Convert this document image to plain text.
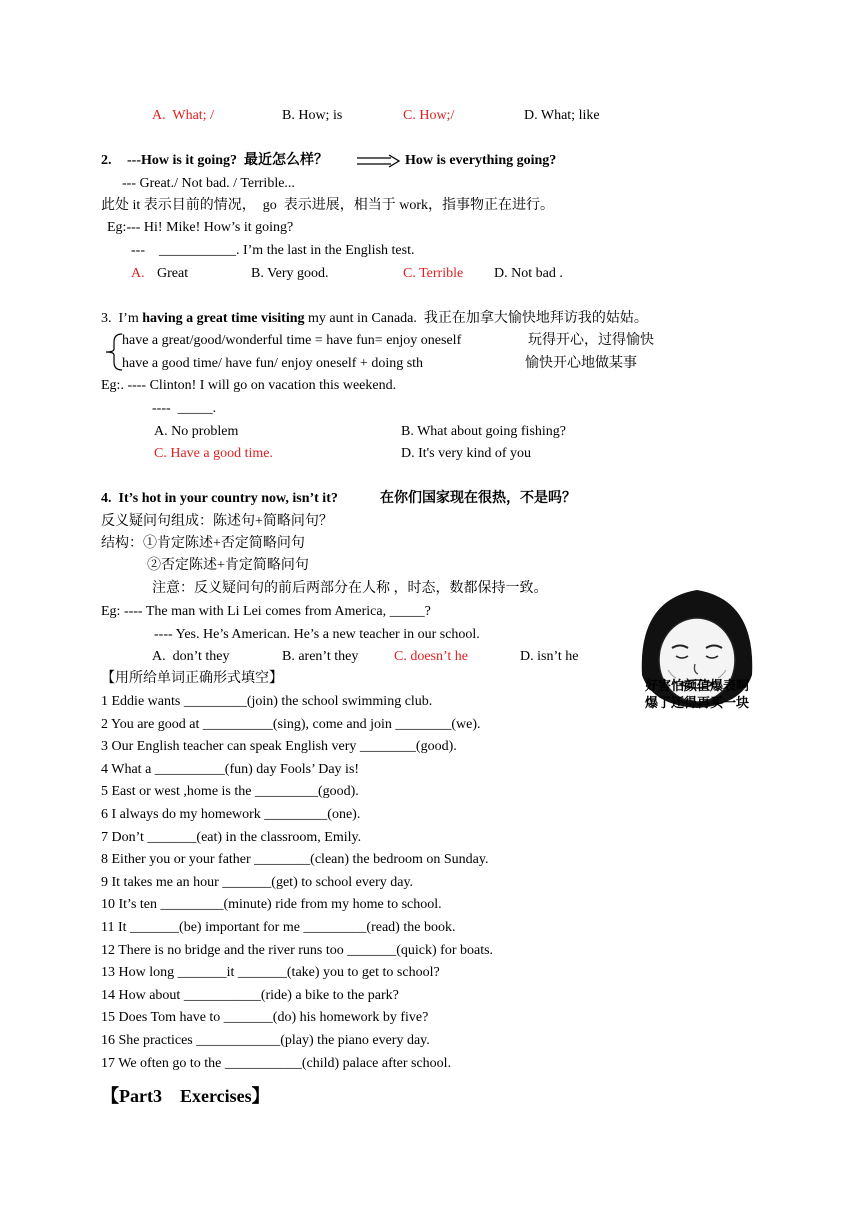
A.  What; /	B. How; is	C. How;/	D. What; like
2. ---How is it going?  最近怎么样？	How is everything going?
--- Great./ Not bad. / Terrible...
此处 it 表示目前的情况，  go  表示进展，相当于 work，指事物正在进行。
Eg:--- Hi! Mike! How’s it going?
---    ___________. I’m the last in the English test.
A. Great	B. Very good.	C. Terrible D. Not bad .
3.  I’m having a great time visiting my aunt in Canada.  我正在加拿大愉快地拜访我的姑姑。
have a great/good/wonderful time = have fun= enjoy oneself	玩得开心，过得愉快
have a good time/ have fun/ enjoy oneself + doing sth	愉快开心地做某事
Eg:. ---- Clinton! I will go on vacation this weekend.
----  _____.
A. No problem	B. What about going fishing?
C. Have a good time.	D. It's very kind of you
4.  It’s hot in your country now, isn’t it?	在你们国家现在很热，不是吗？
反义疑问句组成：陈述句+简略问句？
结构：①肯定陈述+否定简略问句
②否定陈述+肯定简略问句
注意：反义疑问句的前后两部分在人称 ，时态，数都保持一致。
Eg: ---- The man with Li Lei comes from America, _____?
---- Yes. He’s American. He’s a new teacher in our school.
A.  don’t they	B. aren’t they	C. doesn’t he	D. isn’t he
好害怕颜值爆表啊
爆了还得再买一块
【用所给单词正确形式填空】
1 Eddie wants _________(join) the school swimming club.
2 You are good at __________(sing), come and join ________(we).
3 Our English teacher can speak English very ________(good).
4 What a __________(fun) day Fools’ Day is!
5 East or west ,home is the _________(good).
6 I always do my homework _________(one).
7 Don’t _______(eat) in the classroom, Emily.
8 Either you or your father ________(clean) the bedroom on Sunday.
9 It takes me an hour _______(get) to school every day.
10 It’s ten _________(minute) ride from my home to school.
11 It _______(be) important for me _________(read) the book.
12 There is no bridge and the river runs too _______(quick) for boats.
13 How long _______it _______(take) you to get to school?
14 How about ___________(ride) a bike to the park?
15 Does Tom have to _______(do) his homework by five?
16 She practices ____________(play) the piano every day.
17 We often go to the ___________(child) palace after school.
【Part3    Exercises】
